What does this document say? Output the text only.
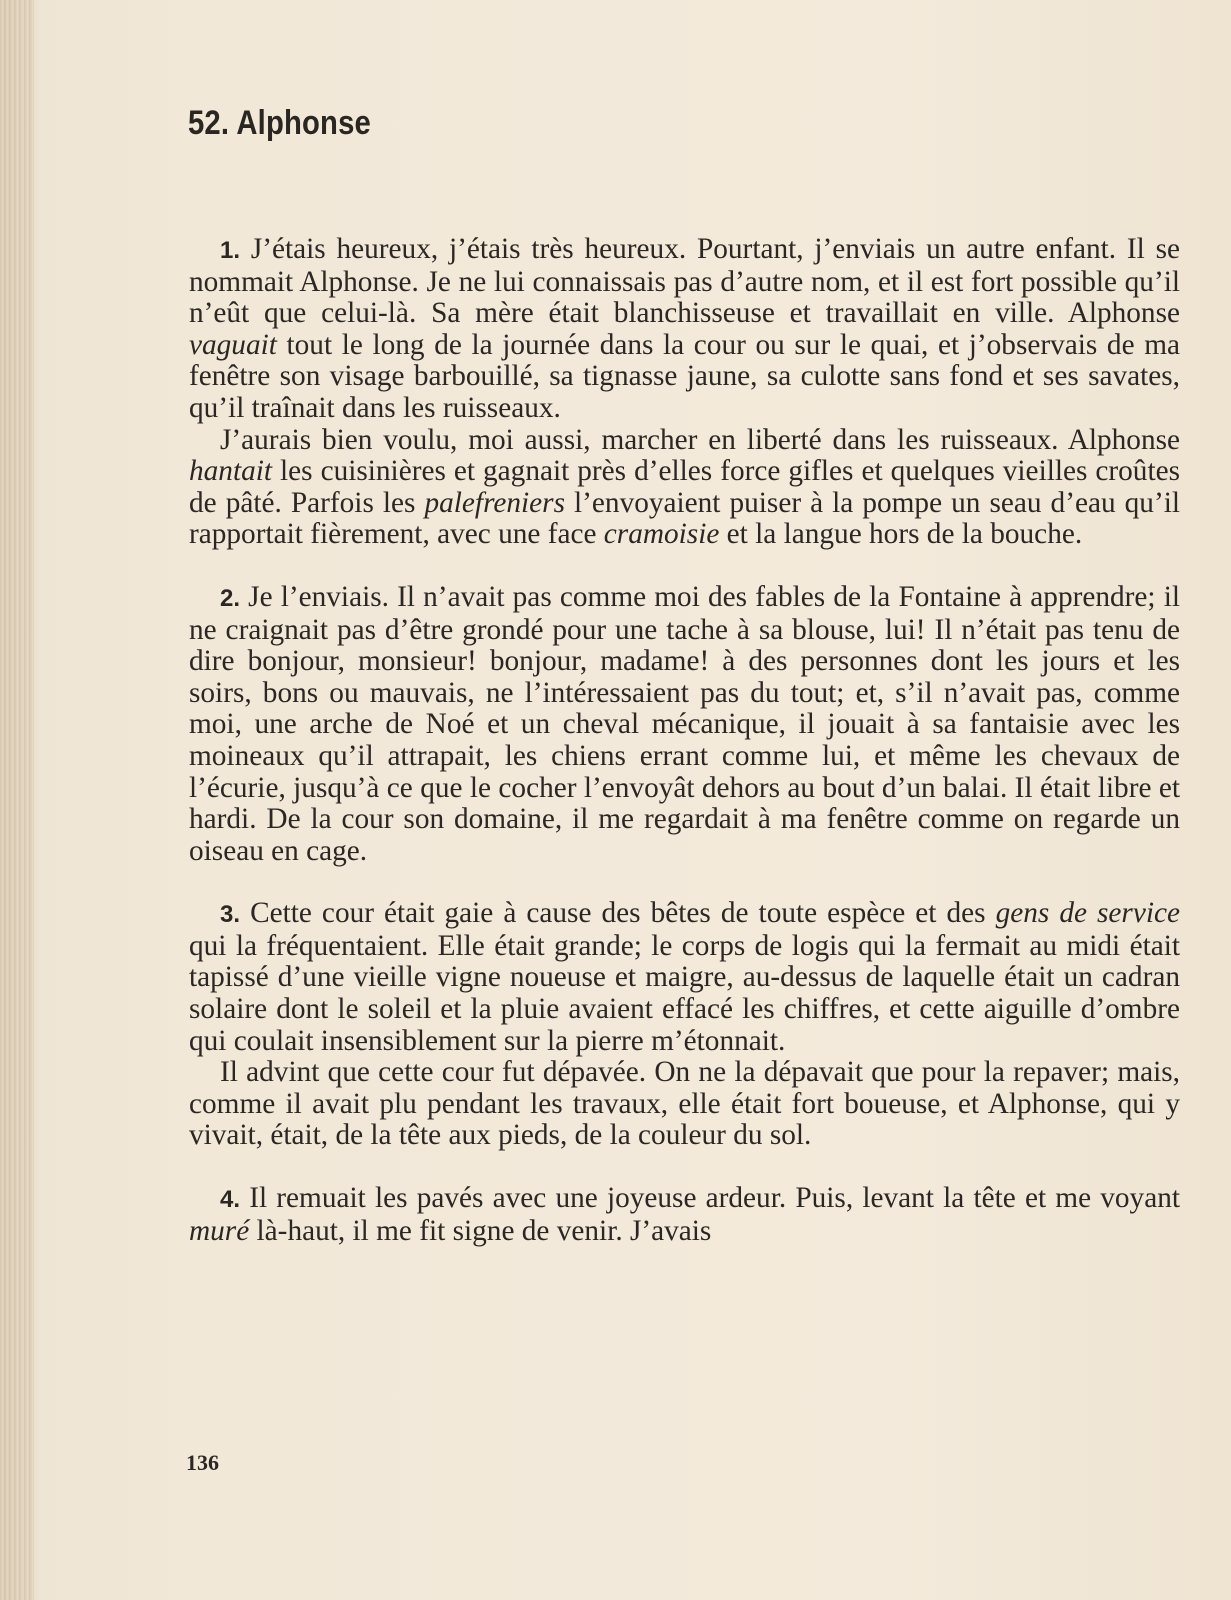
52. Alphonse

1. J’étais heureux, j’étais très heureux. Pourtant, j’enviais un autre enfant. Il se nommait Alphonse. Je ne lui connaissais pas d’autre nom, et il est fort possible qu’il n’eût que celui-là. Sa mère était blanchisseuse et travaillait en ville. Alphonse vaguait tout le long de la journée dans la cour ou sur le quai, et j’observais de ma fenêtre son visage barbouillé, sa tignasse jaune, sa culotte sans fond et ses savates, qu’il traînait dans les ruisseaux.

J’aurais bien voulu, moi aussi, marcher en liberté dans les ruisseaux. Alphonse hantait les cuisinières et gagnait près d’elles force gifles et quelques vieilles croûtes de pâté. Parfois les palefreniers l’envoyaient puiser à la pompe un seau d’eau qu’il rapportait fièrement, avec une face cramoisie et la langue hors de la bouche.

2. Je l’enviais. Il n’avait pas comme moi des fables de la Fontaine à apprendre; il ne craignait pas d’être grondé pour une tache à sa blouse, lui! Il n’était pas tenu de dire bonjour, monsieur! bonjour, madame! à des personnes dont les jours et les soirs, bons ou mauvais, ne l’intéressaient pas du tout; et, s’il n’avait pas, comme moi, une arche de Noé et un cheval mécanique, il jouait à sa fantaisie avec les moineaux qu’il attrapait, les chiens errant comme lui, et même les chevaux de l’écurie, jusqu’à ce que le cocher l’envoyât dehors au bout d’un balai. Il était libre et hardi. De la cour son domaine, il me regardait à ma fenêtre comme on regarde un oiseau en cage.

3. Cette cour était gaie à cause des bêtes de toute espèce et des gens de service qui la fréquentaient. Elle était grande; le corps de logis qui la fermait au midi était tapissé d’une vieille vigne noueuse et maigre, au-dessus de laquelle était un cadran solaire dont le soleil et la pluie avaient effacé les chiffres, et cette aiguille d’ombre qui coulait insensiblement sur la pierre m’étonnait.

Il advint que cette cour fut dépavée. On ne la dépavait que pour la repaver; mais, comme il avait plu pendant les travaux, elle était fort boueuse, et Alphonse, qui y vivait, était, de la tête aux pieds, de la couleur du sol.

4. Il remuait les pavés avec une joyeuse ardeur. Puis, levant la tête et me voyant muré là-haut, il me fit signe de venir. J’avais

136
